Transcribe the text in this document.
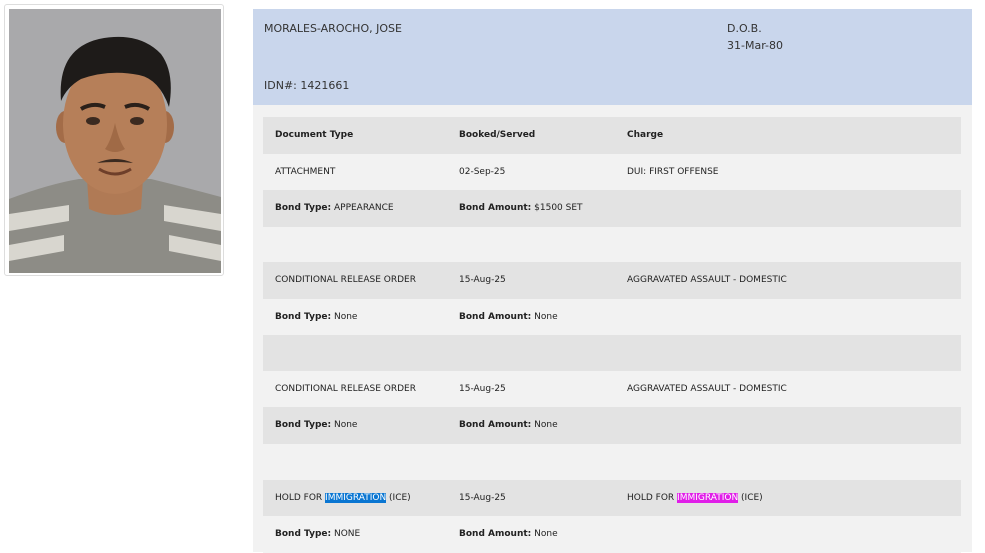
MORALES-AROCHO, JOSE	D.O.B.
31-Mar-80
IDN#: 1421661
Document Type	Booked/Served	Charge
ATTACHMENT	02-Sep-25	DUI: FIRST OFFENSE
Bond Type: APPEARANCE	Bond Amount: $1500 SET
CONDITIONAL RELEASE ORDER	15-Aug-25	AGGRAVATED ASSAULT - DOMESTIC
Bond Type: None	Bond Amount: None
CONDITIONAL RELEASE ORDER	15-Aug-25	AGGRAVATED ASSAULT - DOMESTIC
Bond Type: None	Bond Amount: None
HOLD FOR IMMIGRATION (ICE)	15-Aug-25	HOLD FOR IMMIGRATION (ICE)
Bond Type: NONE	Bond Amount: None
